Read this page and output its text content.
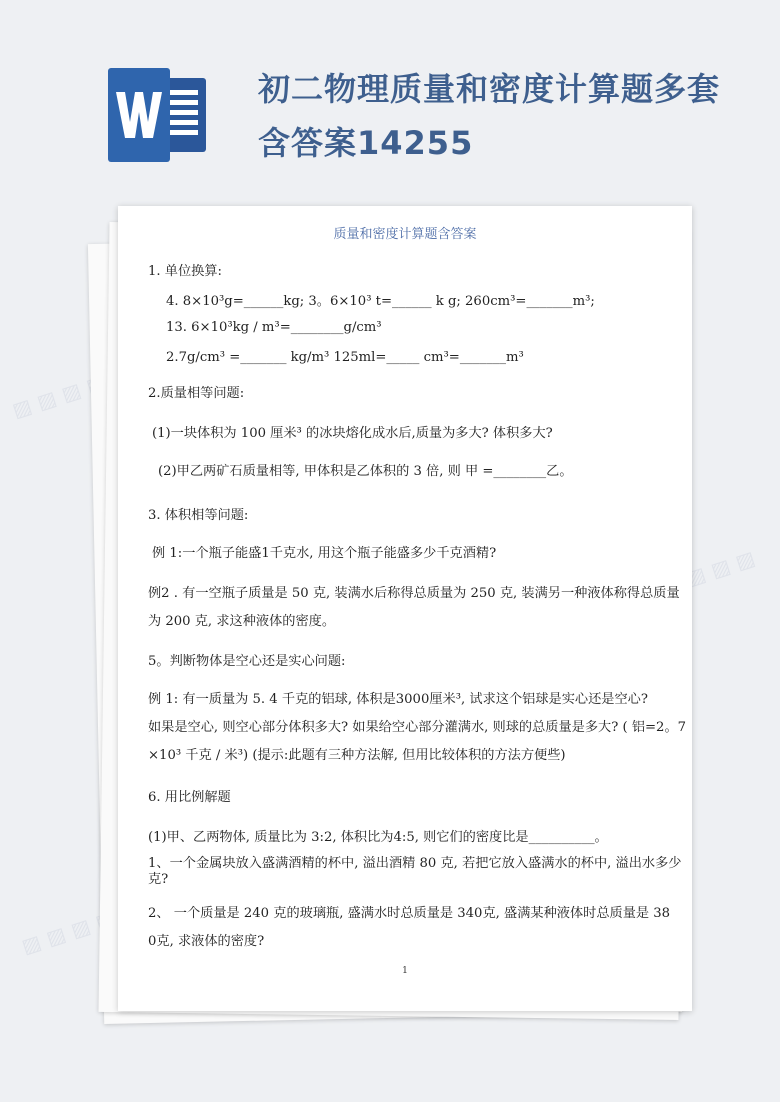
初二物理质量和密度计算题多套含答案14255
▨ ▨ ▨ ▨ ▨
▨ ▨ ▨ ▨
▨ ▨ ▨ ▨
质量和密度计算题含答案
1. 单位换算:
4. 8×10³g=______kg; 3。6×10³ t=______ k g; 260cm³=_______m³;
13. 6×10³kg / m³=________g/cm³
2.7g/cm³ =_______ kg/m³ 125ml=_____ cm³=_______m³
2.质量相等问题:
(1)一块体积为 100 厘米³ 的冰块熔化成水后,质量为多大? 体积多大?
(2)甲乙两矿石质量相等, 甲体积是乙体积的 3 倍, 则 甲 =________乙。
3. 体积相等问题:
例 1:一个瓶子能盛1千克水, 用这个瓶子能盛多少千克酒精?
例2 . 有一空瓶子质量是 50 克, 装满水后称得总质量为 250 克, 装满另一种液体称得总质量
为 200 克, 求这种液体的密度。
5。判断物体是空心还是实心问题:
例 1: 有一质量为 5. 4 千克的铝球, 体积是3000厘米³, 试求这个铝球是实心还是空心?
如果是空心, 则空心部分体积多大? 如果给空心部分灌满水, 则球的总质量是多大? ( 铝=2。7
×10³ 千克 / 米³) (提示:此题有三种方法解, 但用比较体积的方法方便些)
6. 用比例解题
(1)甲、乙两物体, 质量比为 3:2, 体积比为4:5, 则它们的密度比是__________。
1、一个金属块放入盛满酒精的杯中, 溢出酒精 80 克, 若把它放入盛满水的杯中, 溢出水多少
克?
2、 一个质量是 240 克的玻璃瓶, 盛满水时总质量是 340克, 盛满某种液体时总质量是 38
0克, 求液体的密度?
1
